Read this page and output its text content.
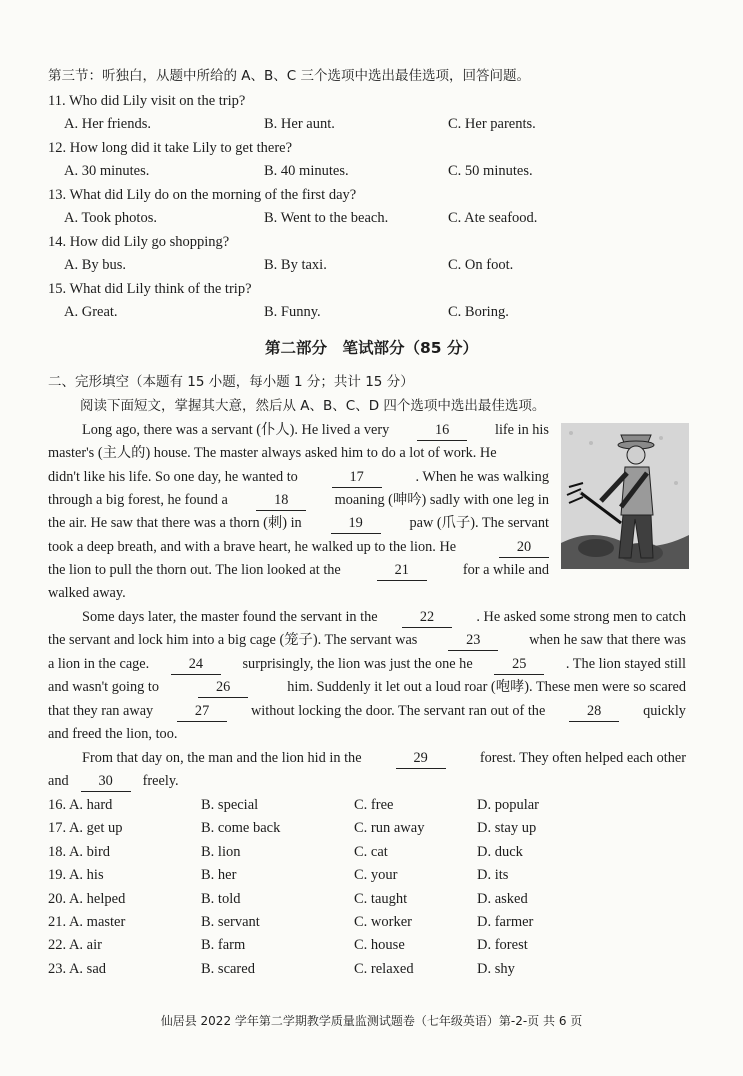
第三节：听独白，从题中所给的 A、B、C 三个选项中选出最佳选项，回答问题。
11. Who did Lily visit on the trip?
A. Her friends.	B. Her aunt.	C. Her parents.
12. How long did it take Lily to get there?
A. 30 minutes.	B. 40 minutes.	C. 50 minutes.
13. What did Lily do on the morning of the first day?
A. Took photos.	B. Went to the beach.	C. Ate seafood.
14. How did Lily go shopping?
A. By bus.	B. By taxi.	C. On foot.
15. What did Lily think of the trip?
A. Great.	B. Funny.	C. Boring.
第二部分　笔试部分（85 分）
二、完形填空（本题有 15 小题，每小题 1 分；共计 15 分）
阅读下面短文，掌握其大意，然后从 A、B、C、D 四个选项中选出最佳选项。
Long ago, there was a servant (仆人). He lived a very	16	life in his
master's (主人的) house. The master always asked him to do a lot of work. He
didn't like his life. So one day, he wanted to	17	. When he was walking
through a big forest, he found a	18	moaning (呻吟) sadly with one leg in
the air. He saw that there was a thorn (刺) in	19	paw (爪子). The servant
took a deep breath, and with a brave heart, he walked up to the lion. He	20
the lion to pull the thorn out. The lion looked at the	21	for a while and
walked away.
Some days later, the master found the servant in the	22	. He asked some strong men to catch
the servant and lock him into a big cage (笼子). The servant was	23	when he saw that there was
a lion in the cage.	24	surprisingly, the lion was just the one he	25	. The lion stayed still
and wasn't going to	26	him. Suddenly it let out a loud roar (咆哮). These men were so scared
that they ran away	27	without locking the door. The servant ran out of the	28	quickly
and freed the lion, too.
From that day on, the man and the lion hid in the	29	forest. They often helped each other
and	30	freely.
16. A. hard	B. special	C. free	D. popular
17. A. get up	B. come back	C. run away	D. stay up
18. A. bird	B. lion	C. cat	D. duck
19. A. his	B. her	C. your	D. its
20. A. helped	B. told	C. taught	D. asked
21. A. master	B. servant	C. worker	D. farmer
22. A. air	B. farm	C. house	D. forest
23. A. sad	B. scared	C. relaxed	D. shy
仙居县 2022 学年第二学期教学质量监测试题卷（七年级英语）第-2-页 共 6 页
